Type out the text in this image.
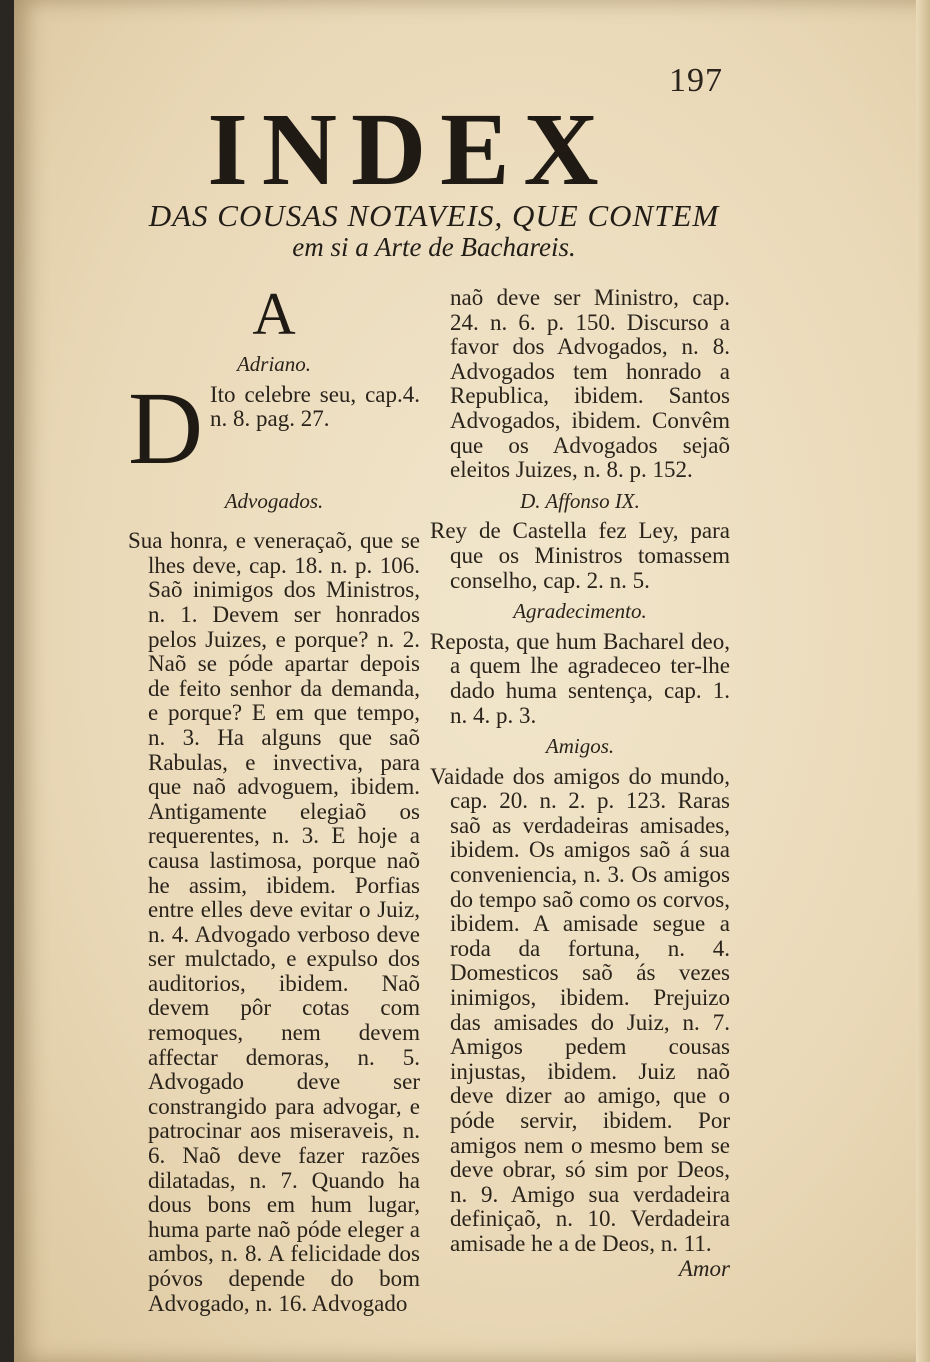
197
INDEX
DAS COUSAS NOTAVEIS, QUE CONTEM
em si a Arte de Bachareis.
A
Adriano.
D Ito celebre seu, cap.4. n. 8. pag. 27.

Advogados.

Sua honra, e veneraçaõ, que se lhes deve, cap. 18. n. p. 106. Saõ inimigos dos Ministros, n. 1. Devem ser honrados pelos Juizes, e porque? n. 2. Naõ se póde apartar depois de feito senhor da demanda, e porque? E em que tempo, n. 3. Ha alguns que saõ Rabulas, e invectiva, para que naõ advoguem, ibidem. Antigamente elegiaõ os requerentes, n. 3. E hoje a causa lastimosa, porque naõ he assim, ibidem. Porfias entre elles deve evitar o Juiz, n. 4. Advogado verboso deve ser mulctado, e expulso dos auditorios, ibidem. Naõ devem pôr cotas com remoques, nem devem affectar demoras, n. 5. Advogado deve ser constrangido para advogar, e patrocinar aos miseraveis, n. 6. Naõ deve fazer razões dilatadas, n. 7. Quando ha dous bons em hum lugar, huma parte naõ póde eleger a ambos, n. 8. A felicidade dos póvos depende do bom Advogado, n. 16. Advogado

naõ deve ser Ministro, cap. 24. n. 6. p. 150. Discurso a favor dos Advogados, n. 8. Advogados tem honrado a Republica, ibidem. Santos Advogados, ibidem. Convêm que os Advogados sejaõ eleitos Juizes, n. 8. p. 152.

D. Affonso IX.

Rey de Castella fez Ley, para que os Ministros tomassem conselho, cap. 2. n. 5.

Agradecimento.

Reposta, que hum Bacharel deo, a quem lhe agradeceo ter-lhe dado huma sentença, cap. 1. n. 4. p. 3.

Amigos.

Vaidade dos amigos do mundo, cap. 20. n. 2. p. 123. Raras saõ as verdadeiras amisades, ibidem. Os amigos saõ á sua conveniencia, n. 3. Os amigos do tempo saõ como os corvos, ibidem. A amisade segue a roda da fortuna, n. 4. Domesticos saõ ás vezes inimigos, ibidem. Prejuizo das amisades do Juiz, n. 7. Amigos pedem cousas injustas, ibidem. Juiz naõ deve dizer ao amigo, que o póde servir, ibidem. Por amigos nem o mesmo bem se deve obrar, só sim por Deos, n. 9. Amigo sua verdadeira definiçaõ, n. 10. Verdadeira amisade he a de Deos, n. 11.

Amor
